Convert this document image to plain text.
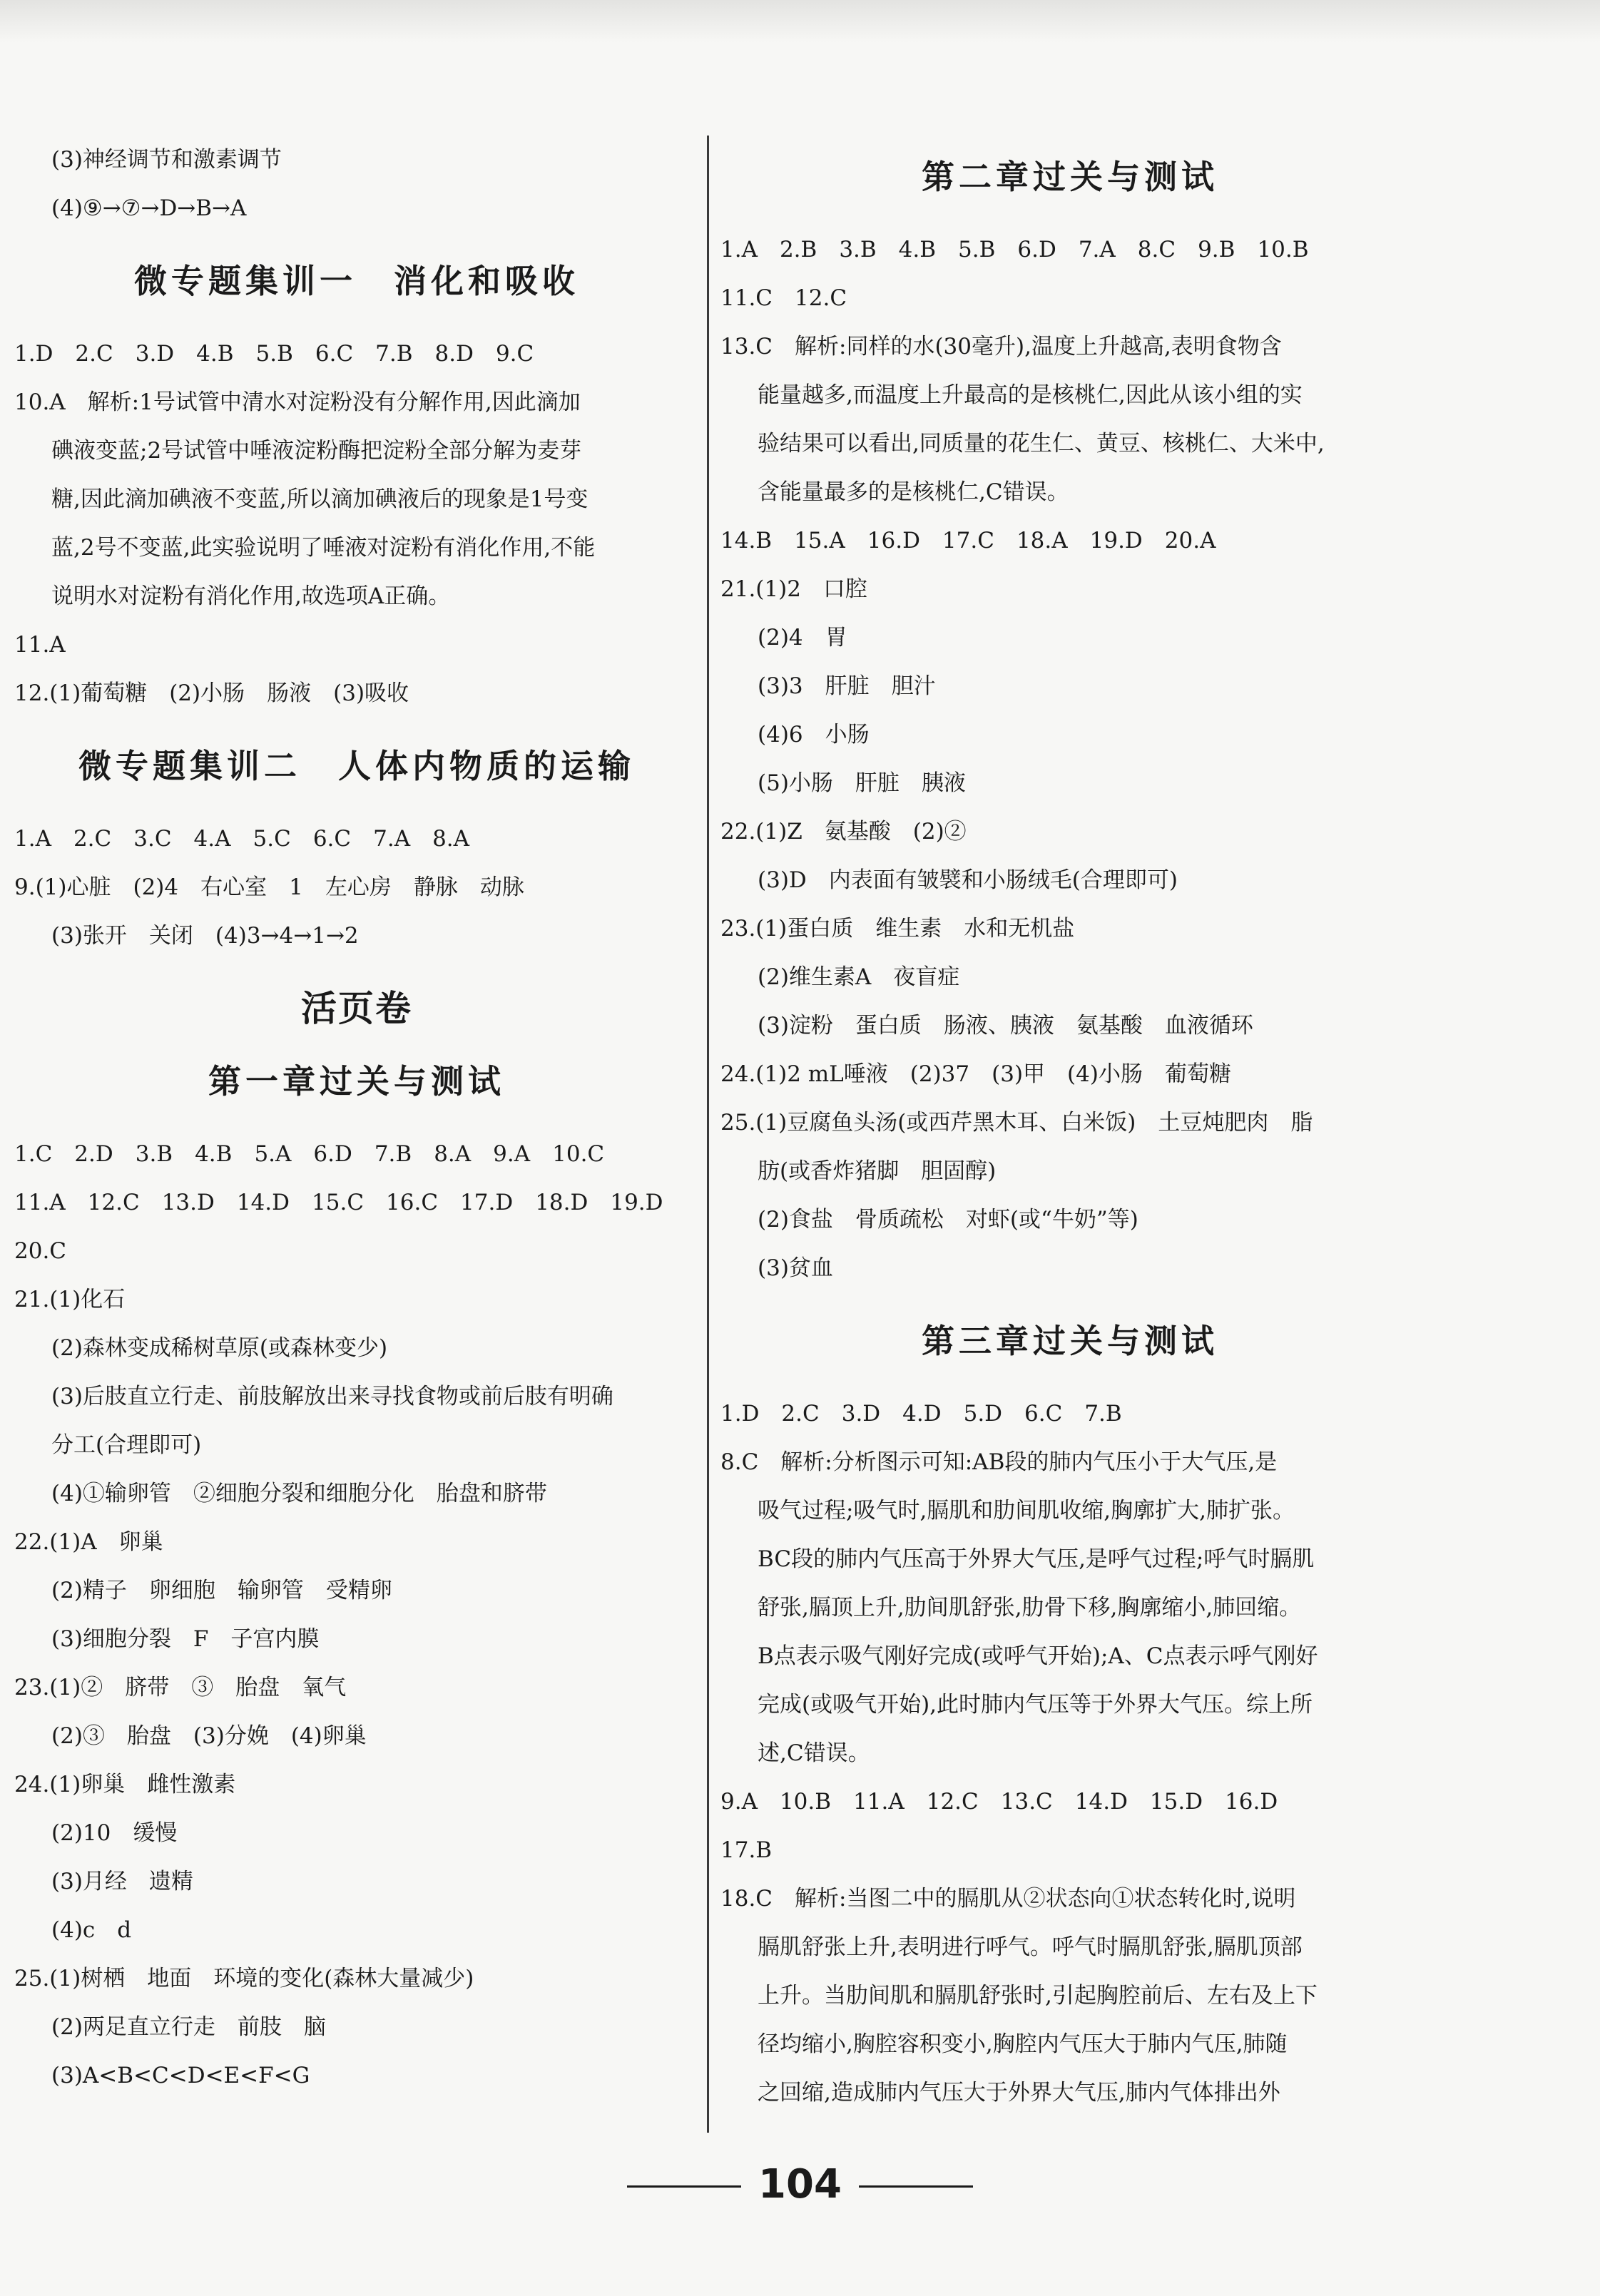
(3)神经调节和激素调节
(4)⑨→⑦→D→B→A
微专题集训一　消化和吸收
1.D　2.C　3.D　4.B　5.B　6.C　7.B　8.D　9.C
10.A　解析:1号试管中清水对淀粉没有分解作用,因此滴加
碘液变蓝;2号试管中唾液淀粉酶把淀粉全部分解为麦芽
糖,因此滴加碘液不变蓝,所以滴加碘液后的现象是1号变
蓝,2号不变蓝,此实验说明了唾液对淀粉有消化作用,不能
说明水对淀粉有消化作用,故选项A正确。
11.A
12.(1)葡萄糖　(2)小肠　肠液　(3)吸收
微专题集训二　人体内物质的运输
1.A　2.C　3.C　4.A　5.C　6.C　7.A　8.A
9.(1)心脏　(2)4　右心室　1　左心房　静脉　动脉
(3)张开　关闭　(4)3→4→1→2
活页卷
第一章过关与测试
1.C　2.D　3.B　4.B　5.A　6.D　7.B　8.A　9.A　10.C
11.A　12.C　13.D　14.D　15.C　16.C　17.D　18.D　19.D
20.C
21.(1)化石
(2)森林变成稀树草原(或森林变少)
(3)后肢直立行走、前肢解放出来寻找食物或前后肢有明确
分工(合理即可)
(4)①输卵管　②细胞分裂和细胞分化　胎盘和脐带
22.(1)A　卵巢
(2)精子　卵细胞　输卵管　受精卵
(3)细胞分裂　F　子宫内膜
23.(1)②　脐带　③　胎盘　氧气
(2)③　胎盘　(3)分娩　(4)卵巢
24.(1)卵巢　雌性激素
(2)10　缓慢
(3)月经　遗精
(4)c　d
25.(1)树栖　地面　环境的变化(森林大量减少)
(2)两足直立行走　前肢　脑
(3)A<B<C<D<E<F<G
第二章过关与测试
1.A　2.B　3.B　4.B　5.B　6.D　7.A　8.C　9.B　10.B
11.C　12.C
13.C　解析:同样的水(30毫升),温度上升越高,表明食物含
能量越多,而温度上升最高的是核桃仁,因此从该小组的实
验结果可以看出,同质量的花生仁、黄豆、核桃仁、大米中,
含能量最多的是核桃仁,C错误。
14.B　15.A　16.D　17.C　18.A　19.D　20.A
21.(1)2　口腔
(2)4　胃
(3)3　肝脏　胆汁
(4)6　小肠
(5)小肠　肝脏　胰液
22.(1)Z　氨基酸　(2)②
(3)D　内表面有皱襞和小肠绒毛(合理即可)
23.(1)蛋白质　维生素　水和无机盐
(2)维生素A　夜盲症
(3)淀粉　蛋白质　肠液、胰液　氨基酸　血液循环
24.(1)2 mL唾液　(2)37　(3)甲　(4)小肠　葡萄糖
25.(1)豆腐鱼头汤(或西芹黑木耳、白米饭)　土豆炖肥肉　脂
肪(或香炸猪脚　胆固醇)
(2)食盐　骨质疏松　对虾(或“牛奶”等)
(3)贫血
第三章过关与测试
1.D　2.C　3.D　4.D　5.D　6.C　7.B
8.C　解析:分析图示可知:AB段的肺内气压小于大气压,是
吸气过程;吸气时,膈肌和肋间肌收缩,胸廓扩大,肺扩张。
BC段的肺内气压高于外界大气压,是呼气过程;呼气时膈肌
舒张,膈顶上升,肋间肌舒张,肋骨下移,胸廓缩小,肺回缩。
B点表示吸气刚好完成(或呼气开始);A、C点表示呼气刚好
完成(或吸气开始),此时肺内气压等于外界大气压。综上所
述,C错误。
9.A　10.B　11.A　12.C　13.C　14.D　15.D　16.D
17.B
18.C　解析:当图二中的膈肌从②状态向①状态转化时,说明
膈肌舒张上升,表明进行呼气。呼气时膈肌舒张,膈肌顶部
上升。当肋间肌和膈肌舒张时,引起胸腔前后、左右及上下
径均缩小,胸腔容积变小,胸腔内气压大于肺内气压,肺随
之回缩,造成肺内气压大于外界大气压,肺内气体排出外
104
